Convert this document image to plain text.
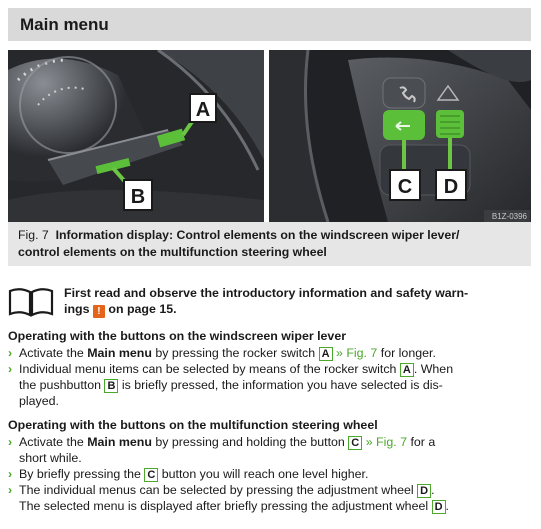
Main menu
A
B	C D
B1Z-0396
Fig. 7 Information display: Control elements on the windscreen wiper lever/
control elements on the multifunction steering wheel
First read and observe the introductory information and safety warn-
ings ! on page 15.
Operating with the buttons on the windscreen wiper lever
› Activate the Main menu by pressing the rocker switch A » Fig. 7 for longer.
› Individual menu items can be selected by means of the rocker switch A . When
the pushbutton B is briefly pressed, the information you have selected is dis-
played.
Operating with the buttons on the multifunction steering wheel
› Activate the Main menu by pressing and holding the button C » Fig. 7 for a
short while.
› By briefly pressing the C button you will reach one level higher.
› The individual menus can be selected by pressing the adjustment wheel D .
The selected menu is displayed after briefly pressing the adjustment wheel D .
